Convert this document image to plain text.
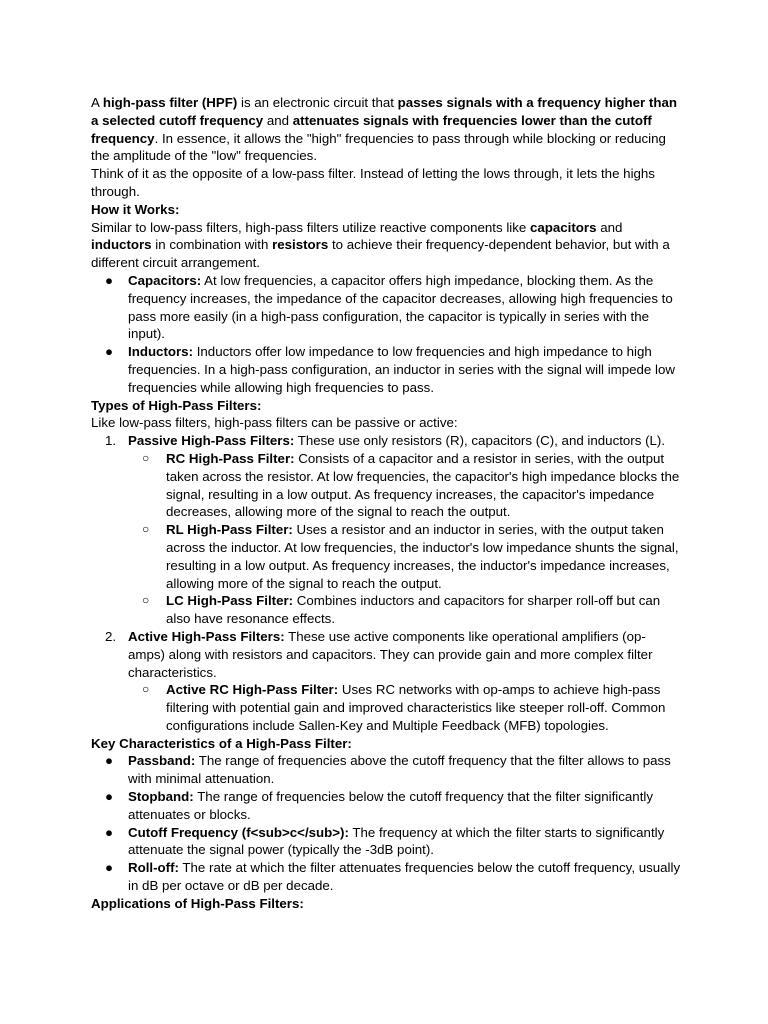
A high-pass filter (HPF) is an electronic circuit that passes signals with a frequency higher than a selected cutoff frequency and attenuates signals with frequencies lower than the cutoff frequency. In essence, it allows the "high" frequencies to pass through while blocking or reducing the amplitude of the "low" frequencies.

Think of it as the opposite of a low-pass filter. Instead of letting the lows through, it lets the highs through.

How it Works:

Similar to low-pass filters, high-pass filters utilize reactive components like capacitors and inductors in combination with resistors to achieve their frequency-dependent behavior, but with a different circuit arrangement.

● Capacitors: At low frequencies, a capacitor offers high impedance, blocking them. As the frequency increases, the impedance of the capacitor decreases, allowing high frequencies to pass more easily (in a high-pass configuration, the capacitor is typically in series with the input).
● Inductors: Inductors offer low impedance to low frequencies and high impedance to high frequencies. In a high-pass configuration, an inductor in series with the signal will impede low frequencies while allowing high frequencies to pass.

Types of High-Pass Filters:

Like low-pass filters, high-pass filters can be passive or active:

1. Passive High-Pass Filters: These use only resistors (R), capacitors (C), and inductors (L).
○ RC High-Pass Filter: Consists of a capacitor and a resistor in series, with the output taken across the resistor. At low frequencies, the capacitor's high impedance blocks the signal, resulting in a low output. As frequency increases, the capacitor's impedance decreases, allowing more of the signal to reach the output.
○ RL High-Pass Filter: Uses a resistor and an inductor in series, with the output taken across the inductor. At low frequencies, the inductor's low impedance shunts the signal, resulting in a low output. As frequency increases, the inductor's impedance increases, allowing more of the signal to reach the output.
○ LC High-Pass Filter: Combines inductors and capacitors for sharper roll-off but can also have resonance effects.
2. Active High-Pass Filters: These use active components like operational amplifiers (op-amps) along with resistors and capacitors. They can provide gain and more complex filter characteristics.
○ Active RC High-Pass Filter: Uses RC networks with op-amps to achieve high-pass filtering with potential gain and improved characteristics like steeper roll-off. Common configurations include Sallen-Key and Multiple Feedback (MFB) topologies.

Key Characteristics of a High-Pass Filter:

● Passband: The range of frequencies above the cutoff frequency that the filter allows to pass with minimal attenuation.
● Stopband: The range of frequencies below the cutoff frequency that the filter significantly attenuates or blocks.
● Cutoff Frequency (f<sub>c</sub>): The frequency at which the filter starts to significantly attenuate the signal power (typically the -3dB point).
● Roll-off: The rate at which the filter attenuates frequencies below the cutoff frequency, usually in dB per octave or dB per decade.

Applications of High-Pass Filters:
